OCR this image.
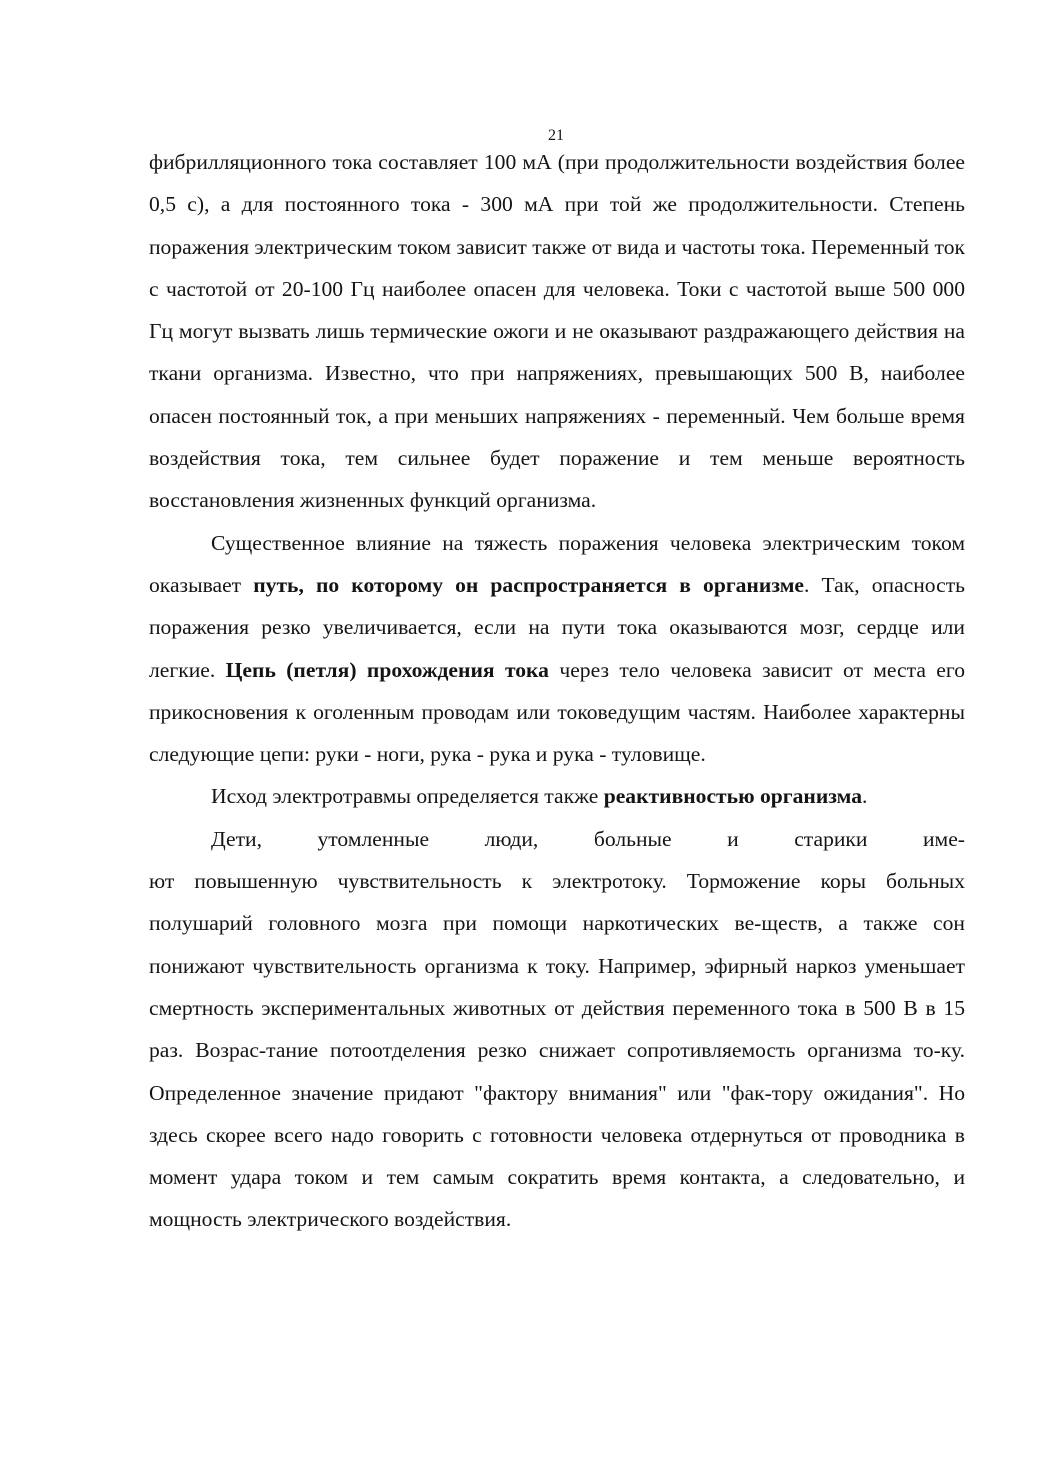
21

фибрилляционного тока составляет 100 мА (при продолжительности воздействия более 0,5 с), а для постоянного тока - 300 мА при той же продолжительности. Степень поражения электрическим током зависит также от вида и частоты тока. Переменный ток с частотой от 20-100 Гц наиболее опасен для человека. Токи с частотой выше 500 000 Гц могут вызвать лишь термические ожоги и не оказывают раздражающего действия на ткани организма. Известно, что при напряжениях, превышающих 500 В, наиболее опасен постоянный ток, а при меньших напряжениях - переменный. Чем больше время воздействия тока, тем сильнее будет поражение и тем меньше вероятность восстановления жизненных функций организма.

Существенное влияние на тяжесть поражения человека электрическим током оказывает путь, по которому он распространяется в организме. Так, опасность поражения резко увеличивается, если на пути тока оказываются мозг, сердце или легкие. Цепь (петля) прохождения тока через тело человека зависит от места его прикосновения к оголенным проводам или токоведущим частям. Наиболее характерны следующие цепи: руки - ноги, рука - рука и рука - туловище.

Исход электротравмы определяется также реактивностью организма.
Дети, утомленные люди, больные и старики име-
ют повышенную чувствительность к электротоку. Торможение коры больных полушарий головного мозга при помощи наркотических ве-ществ, а также сон понижают чувствительность организма к току. Например, эфирный наркоз уменьшает смертность экспериментальных животных от действия переменного тока в 500 В в 15 раз. Возрас-тание потоотделения резко снижает сопротивляемость организма то-ку. Определенное значение придают "фактору внимания" или "фак-тору ожидания". Но здесь скорее всего надо говорить с готовности человека отдернуться от проводника в момент удара током и тем самым сократить время контакта, а следовательно, и мощность электрического воздействия.
